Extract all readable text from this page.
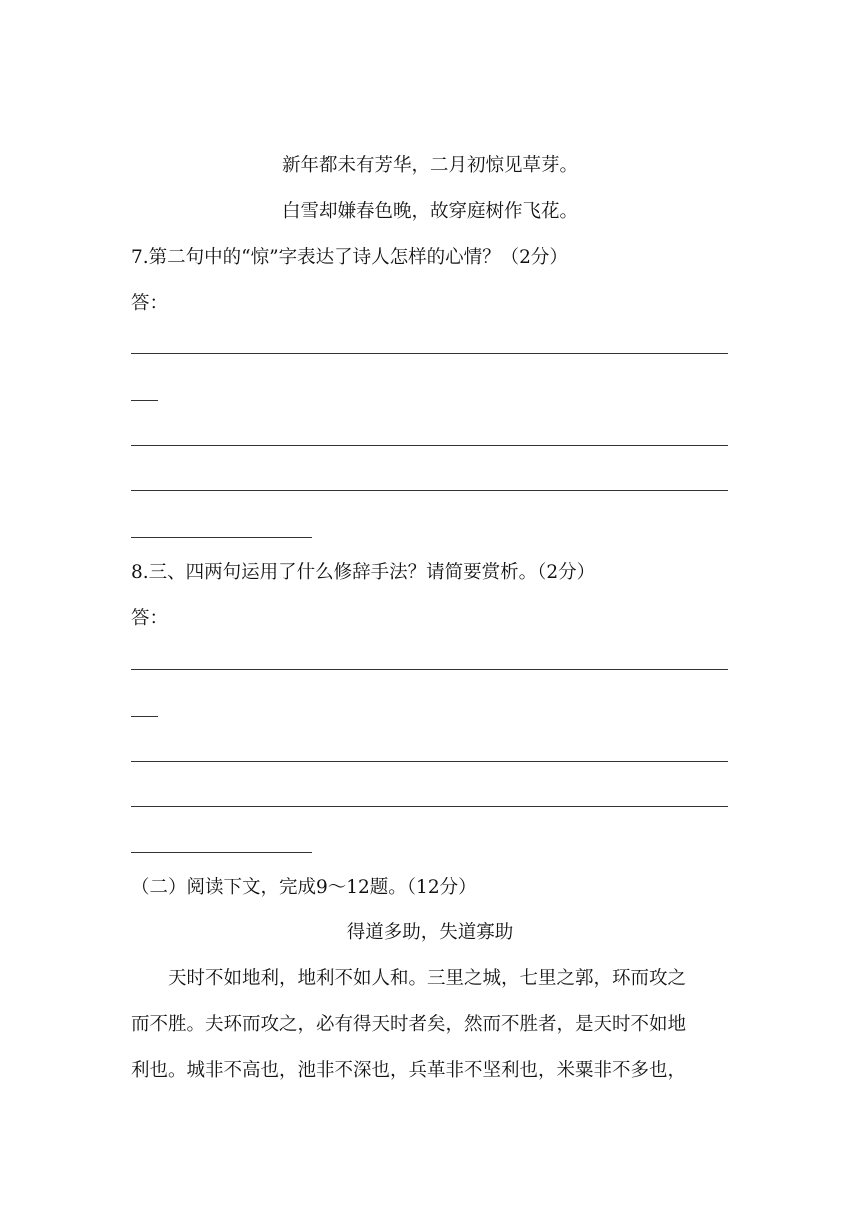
新年都未有芳华，二月初惊见草芽。
白雪却嫌春色晚，故穿庭树作飞花。
7.第二句中的“惊”字表达了诗人怎样的心情？（2分）
答：
8.三、四两句运用了什么修辞手法？请简要赏析。（2分）
答：
（二）阅读下文，完成9～12题。（12分）
得道多助，失道寡助
天时不如地利，地利不如人和。三里之城，七里之郭，环而攻之
而不胜。夫环而攻之，必有得天时者矣，然而不胜者，是天时不如地
利也。城非不高也，池非不深也，兵革非不坚利也，米粟非不多也，
